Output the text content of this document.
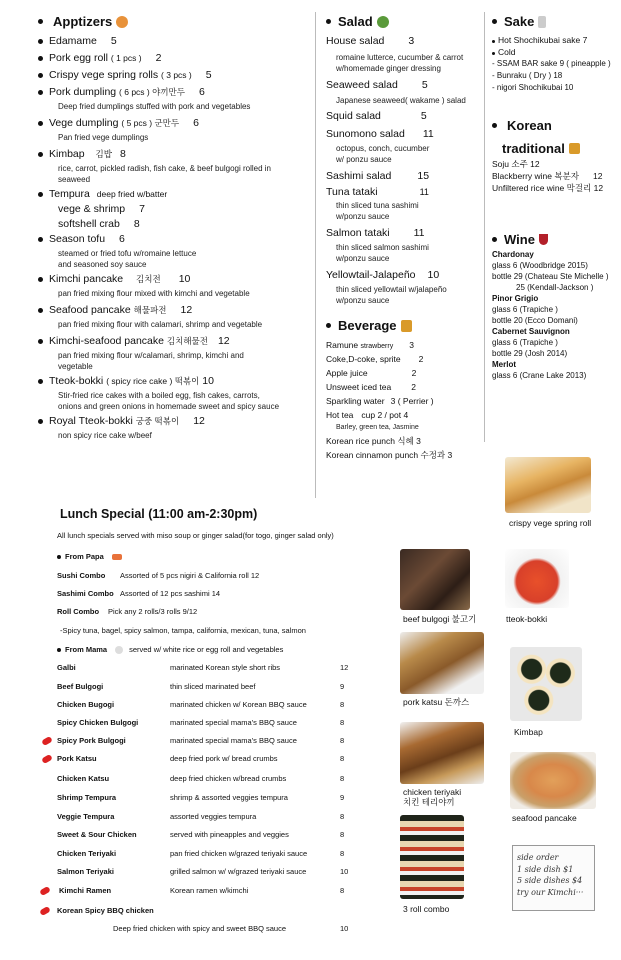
Apptizers
Edamame 5
Pork egg roll ( 1 pcs ) 2
Crispy vege spring rolls ( 3 pcs ) 5
Pork dumpling ( 6 pcs ) 야끼만두 6
Deep fried dumplings stuffed with pork and vegetables
Vege dumpling ( 5 pcs ) 군만두 6
Pan fried vege dumplings
Kimbap 김밥 8
rice, carrot, pickled radish, fish cake, & beef bulgogi rolled in
seaweed
Tempura deep fried w/batter
vege & shrimp 7
softshell crab 8
Season tofu 6
steamed or fried tofu w/romaine lettuce
and seasoned soy sauce
Kimchi pancake 김치전 10
pan fried mixing flour mixed with kimchi and vegetable
Seafood pancake 해물파전 12
pan fried mixing flour with calamari, shrimp and vegetable
Kimchi-seafood pancake 김치해물전 12
pan fried mixing flour w/calamari, shrimp, kimchi and
vegetable
Tteok-bokki ( spicy rice cake ) 떡볶이 10
Stir-fried rice cakes with a boiled egg, fish cakes, carrots,
onions and green onions in homemade sweet and spicy sauce
Royal Tteok-bokki 궁중 떡볶이 12
non spicy rice cake w/beef
Salad
House salad 3
romaine lutterce, cucumber & carrot
w/homemade ginger dressing
Seaweed salad 5
Japanese seaweed( wakame ) salad
Squid salad	5
Sunomono salad 11
octopus, conch, cucumber
w/ ponzu sauce
Sashimi salad 15
Tuna tataki	11
thin sliced tuna sashimi
w/ponzu sauce
Salmon tataki 11
thin sliced salmon sashimi
w/ponzu sauce
Yellowtail-Jalapeño 10
thin sliced yellowtail w/jalapeño
w/ponzu sauce
Beverage
Ramune strawberry 3
Coke,D-coke, sprite 2
Apple juice	2
Unsweet iced tea 2
Sparkling water 3 ( Perrier )
Hot tea cup 2 / pot 4
Barley, green tea, Jasmine
Korean rice punch 식혜 3
Korean cinnamon punch 수정과 3
Sake
Hot Shochikubai sake 7
Cold
- SSAM BAR sake 9 ( pineapple )
- Bunraku ( Dry ) 18
- nigori Shochikubai 10
Korean
traditional
Soju 소주 12
Blackberry wine 복분자 12
Unfiltered rice wine 막걸리 12
Wine
Chardonay
glass 6 (Woodbridge 2015)
bottle 29 (Chateau Ste Michelle )
25 (Kendall-Jackson )
Pinor Grigio
glass 6 (Trapiche )
bottle 20 (Ecco Domani)
Cabernet Sauvignon
glass 6 (Trapiche )
bottle 29 (Josh 2014)
Merlot
glass 6 (Crane Lake 2013)
Lunch Special (11:00 am-2:30pm)
All lunch specials served with miso soup or ginger salad(for togo, ginger salad only)
From Papa
Sushi Combo Assorted of 5 pcs nigiri & California roll 12
Sashimi Combo Assorted of 12 pcs sashimi 14
Roll Combo Pick any 2 rolls/3 rolls 9/12
-Spicy tuna, bagel, spicy salmon, tampa, california, mexican, tuna, salmon
From Mama	served w/ white rice or egg roll and vegetables
Galbi	marinated Korean style short ribs	12
Beef Bulgogi	thin sliced marinated beef	9
Chicken Bugogi	marinated chicken w/ Korean BBQ sauce	8
Spicy Chicken Bulgogi	marinated special mama's BBQ sauce	8
Spicy Pork Bulgogi	marinated special mama's BBQ sauce	8
Pork Katsu	deep fried pork w/ bread crumbs	8
Chicken Katsu	deep fried chicken w/bread crumbs	8
Shrimp Tempura	shrimp & assorted veggies tempura	9
Veggie Tempura	assorted veggies tempura	8
Sweet & Sour Chicken	served with pineapples and veggies	8
Chicken Teriyaki	pan fried chicken w/grazed teriyaki sauce	8
Salmon Teriyaki	grilled salmon w/ w/grazed teriyaki sauce	10
Kimchi Ramen	Korean ramen w/kimchi	8
Korean Spicy BBQ chicken
Deep fried chicken with spicy and sweet BBQ sauce	10
crispy vege spring roll
beef bulgogi 불고기	tteok-bokki
pork katsu 돈까스
Kimbap
chicken teriyaki
치킨 테리야끼
seafood pancake
3 roll combo
side order
1 side dish $1
5 side dishes $4
try our Kimchi···
